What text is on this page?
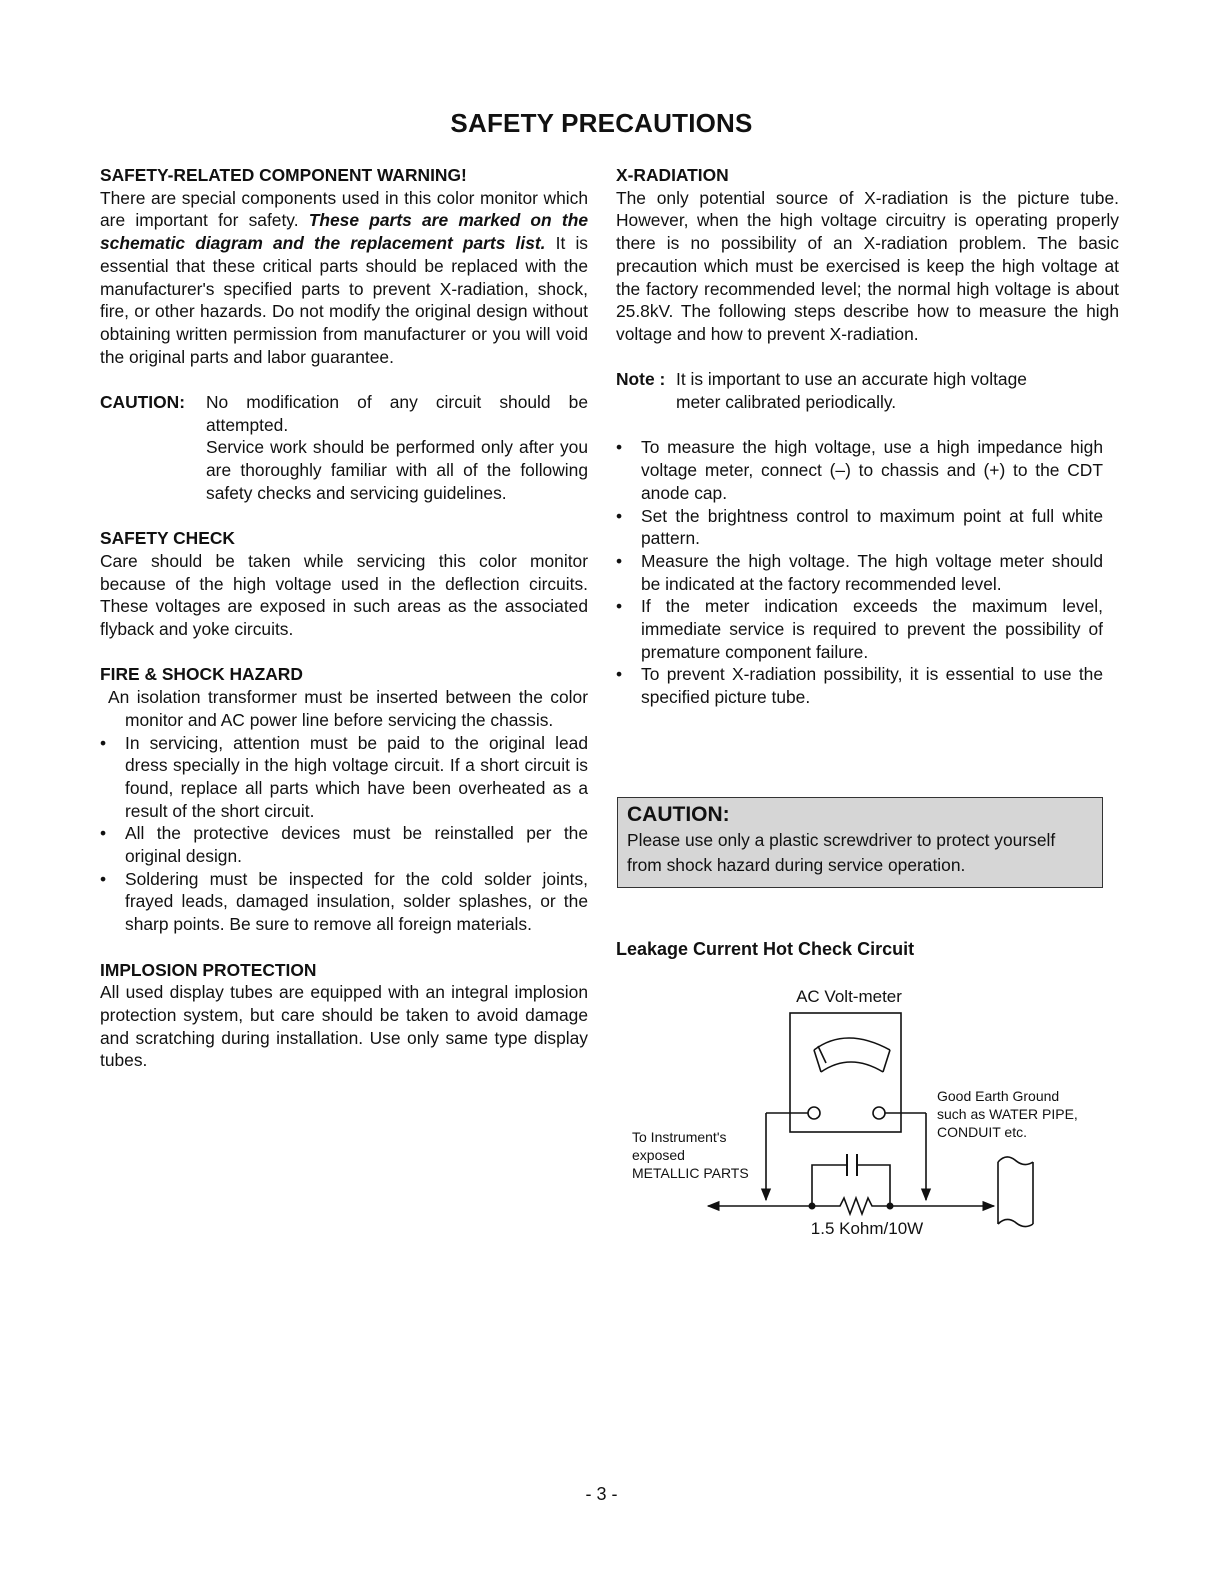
SAFETY PRECAUTIONS
SAFETY-RELATED COMPONENT WARNING!

There are special components used in this color monitor which are important for safety. These parts are marked on the schematic diagram and the replacement parts list. It is essential that these critical parts should be replaced with the manufacturer's specified parts to prevent X-radiation, shock, fire, or other hazards. Do not modify the original design without obtaining written permission from manufacturer or you will void the original parts and labor guarantee.

CAUTION:	No modification of any circuit should be attempted.

Service work should be performed only after you are thoroughly familiar with all of the following safety checks and servicing guidelines.

SAFETY CHECK

Care should be taken while servicing this color monitor because of the high voltage used in the deflection circuits. These voltages are exposed in such areas as the associated flyback and yoke circuits.

FIRE & SHOCK HAZARD

An isolation transformer must be inserted between the color monitor and AC power line before servicing the chassis.

• In servicing, attention must be paid to the original lead dress specially in the high voltage circuit. If a short circuit is found, replace all parts which have been overheated as a result of the short circuit.
• All the protective devices must be reinstalled per the original design.
• Soldering must be inspected for the cold solder joints, frayed leads, damaged insulation, solder splashes, or the sharp points. Be sure to remove all foreign materials.
IMPLOSION PROTECTION

All used display tubes are equipped with an integral implosion protection system, but care should be taken to avoid damage and scratching during installation. Use only same type display tubes.

X-RADIATION

The only potential source of X-radiation is the picture tube. However, when the high voltage circuitry is operating properly there is no possibility of an X-radiation problem. The basic precaution which must be exercised is keep the high voltage at the factory recommended level; the normal high voltage is about 25.8kV. The following steps describe how to measure the high voltage and how to prevent X-radiation.

Note : It is important to use an accurate high voltage meter calibrated periodically.
• To measure the high voltage, use a high impedance high voltage meter, connect (–) to chassis and (+) to the CDT anode cap.
• Set the brightness control to maximum point at full white pattern.
• Measure the high voltage. The high voltage meter should be indicated at the factory recommended level.
• If the meter indication exceeds the maximum level, immediate service is required to prevent the possibility of premature component failure.
• To prevent X-radiation possibility, it is essential to use the specified picture tube.
CAUTION:
Please use only a plastic screwdriver to protect yourself
from shock hazard during service operation.
Leakage Current Hot Check Circuit
AC Volt-meter
To Instrument's
exposed
METALLIC PARTS
Good Earth Ground
such as WATER PIPE,
CONDUIT etc.
1.5 Kohm/10W
- 3 -
